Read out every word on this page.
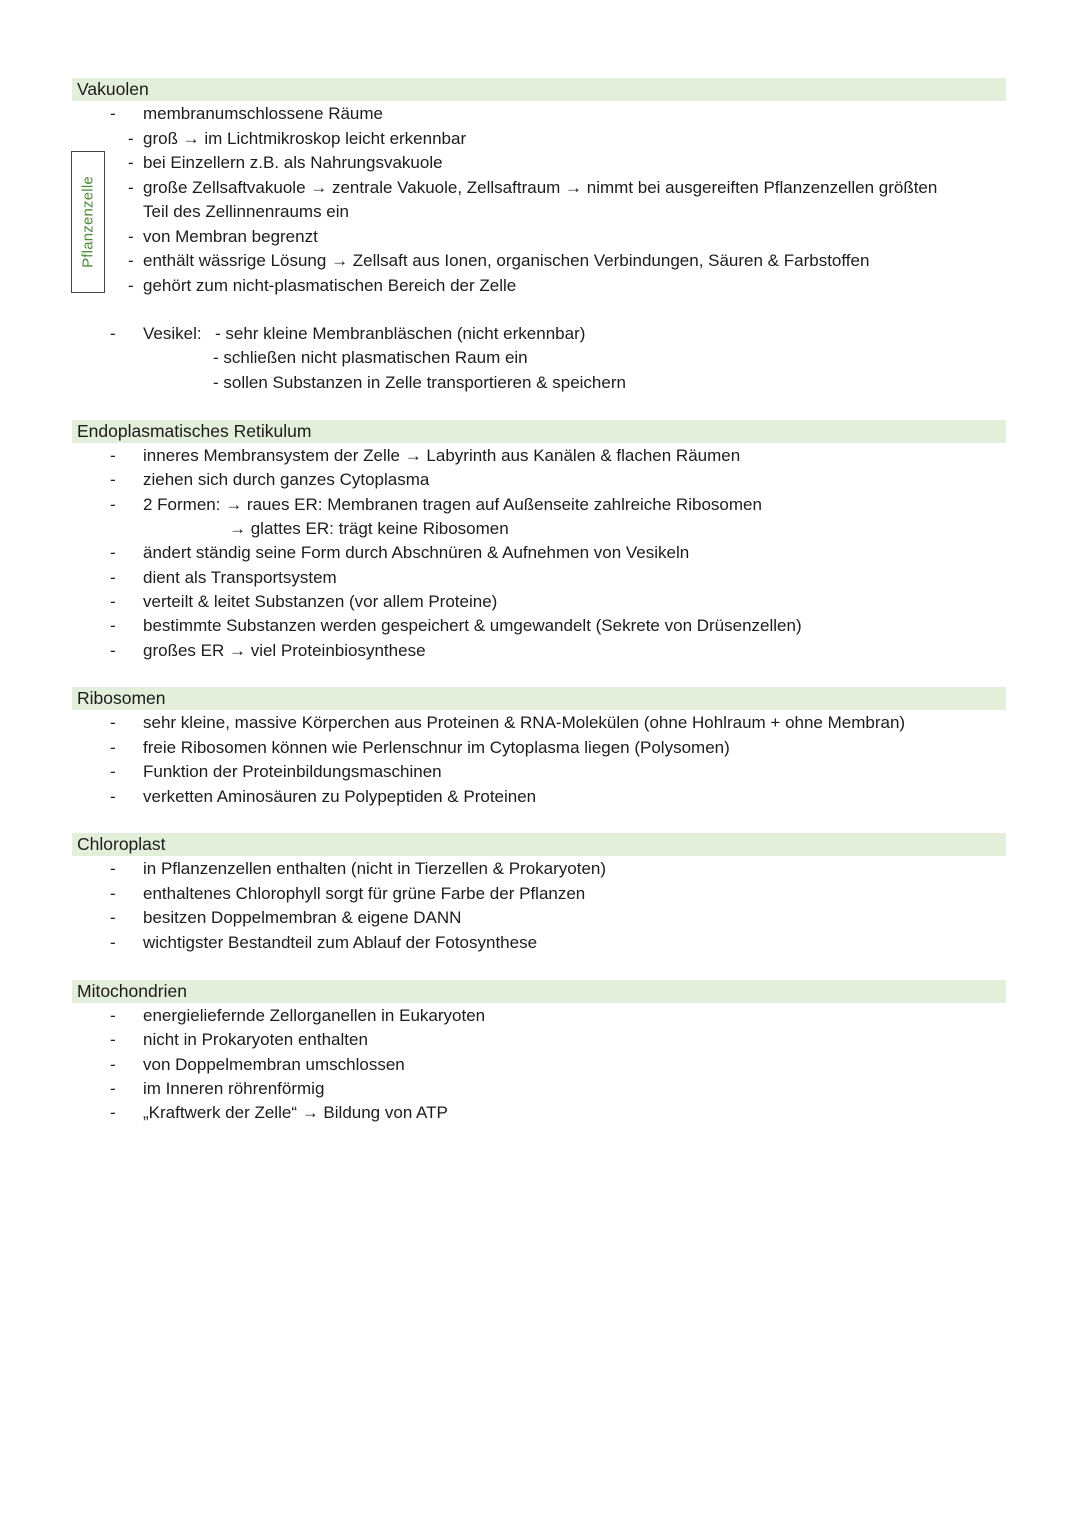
Vakuolen
- membranumschlossene Räume
- groß → im Lichtmikroskop leicht erkennbar
- bei Einzellern z.B. als Nahrungsvakuole
- große Zellsaftvakuole → zentrale Vakuole, Zellsaftraum → nimmt bei ausgereiften Pflanzenzellen größten
Teil des Zellinnenraums ein
- von Membran begrenzt
- enthält wässrige Lösung → Zellsaft aus Ionen, organischen Verbindungen, Säuren & Farbstoffen
- gehört zum nicht-plasmatischen Bereich der Zelle
Pflanzenzelle
- Vesikel: - sehr kleine Membranbläschen (nicht erkennbar)
- schließen nicht plasmatischen Raum ein
- sollen Substanzen in Zelle transportieren & speichern
Endoplasmatisches Retikulum
- inneres Membransystem der Zelle → Labyrinth aus Kanälen & flachen Räumen
- ziehen sich durch ganzes Cytoplasma
- 2 Formen: → raues ER: Membranen tragen auf Außenseite zahlreiche Ribosomen
→ glattes ER: trägt keine Ribosomen
- ändert ständig seine Form durch Abschnüren & Aufnehmen von Vesikeln
- dient als Transportsystem
- verteilt & leitet Substanzen (vor allem Proteine)
- bestimmte Substanzen werden gespeichert & umgewandelt (Sekrete von Drüsenzellen)
- großes ER → viel Proteinbiosynthese
Ribosomen
- sehr kleine, massive Körperchen aus Proteinen & RNA-Molekülen (ohne Hohlraum + ohne Membran)
- freie Ribosomen können wie Perlenschnur im Cytoplasma liegen (Polysomen)
- Funktion der Proteinbildungsmaschinen
- verketten Aminosäuren zu Polypeptiden & Proteinen
Chloroplast
- in Pflanzenzellen enthalten (nicht in Tierzellen & Prokaryoten)
- enthaltenes Chlorophyll sorgt für grüne Farbe der Pflanzen
- besitzen Doppelmembran & eigene DANN
- wichtigster Bestandteil zum Ablauf der Fotosynthese
Mitochondrien
- energieliefernde Zellorganellen in Eukaryoten
- nicht in Prokaryoten enthalten
- von Doppelmembran umschlossen
- im Inneren röhrenförmig
- „Kraftwerk der Zelle“ → Bildung von ATP
